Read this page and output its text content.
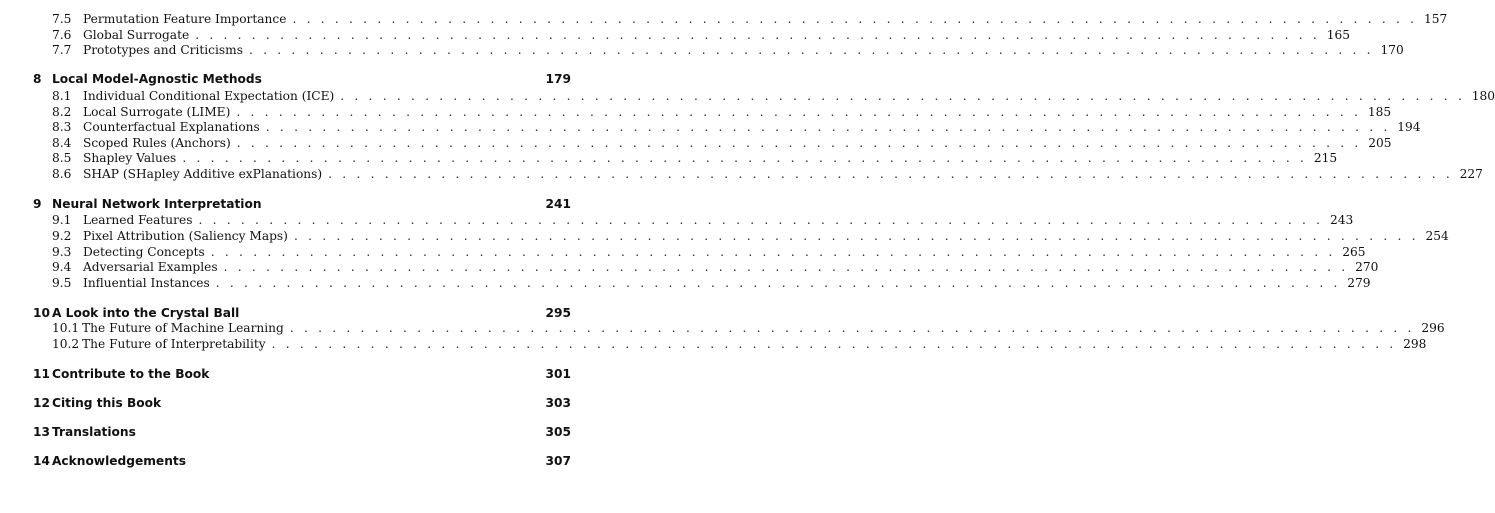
7.5 Permutation Feature Importance . . . . . . . . . . . . . . . . . . . . . . . . . . . . . . . . . . . . . . . . . . . . . . . . . . . . . . . . . . . . . . . . . . . . . . . . . . . . . . . . 157
7.6 Global Surrogate . . . . . . . . . . . . . . . . . . . . . . . . . . . . . . . . . . . . . . . . . . . . . . . . . . . . . . . . . . . . . . . . . . . . . . . . . . . . . . . . 165
7.7 Prototypes and Criticisms . . . . . . . . . . . . . . . . . . . . . . . . . . . . . . . . . . . . . . . . . . . . . . . . . . . . . . . . . . . . . . . . . . . . . . . . . . . . . . . . 170
8 Local Model-Agnostic Methods	179
8.1 Individual Conditional Expectation (ICE) . . . . . . . . . . . . . . . . . . . . . . . . . . . . . . . . . . . . . . . . . . . . . . . . . . . . . . . . . . . . . . . . . . . . . . . . . . . . . . . . 180
8.2 Local Surrogate (LIME) . . . . . . . . . . . . . . . . . . . . . . . . . . . . . . . . . . . . . . . . . . . . . . . . . . . . . . . . . . . . . . . . . . . . . . . . . . . . . . . . 185
8.3 Counterfactual Explanations . . . . . . . . . . . . . . . . . . . . . . . . . . . . . . . . . . . . . . . . . . . . . . . . . . . . . . . . . . . . . . . . . . . . . . . . . . . . . . . . 194
8.4 Scoped Rules (Anchors) . . . . . . . . . . . . . . . . . . . . . . . . . . . . . . . . . . . . . . . . . . . . . . . . . . . . . . . . . . . . . . . . . . . . . . . . . . . . . . . . 205
8.5 Shapley Values . . . . . . . . . . . . . . . . . . . . . . . . . . . . . . . . . . . . . . . . . . . . . . . . . . . . . . . . . . . . . . . . . . . . . . . . . . . . . . . . 215
8.6 SHAP (SHapley Additive exPlanations) . . . . . . . . . . . . . . . . . . . . . . . . . . . . . . . . . . . . . . . . . . . . . . . . . . . . . . . . . . . . . . . . . . . . . . . . . . . . . . . . 227
9 Neural Network Interpretation	241
9.1 Learned Features . . . . . . . . . . . . . . . . . . . . . . . . . . . . . . . . . . . . . . . . . . . . . . . . . . . . . . . . . . . . . . . . . . . . . . . . . . . . . . . . 243
9.2 Pixel Attribution (Saliency Maps) . . . . . . . . . . . . . . . . . . . . . . . . . . . . . . . . . . . . . . . . . . . . . . . . . . . . . . . . . . . . . . . . . . . . . . . . . . . . . . . . 254
9.3 Detecting Concepts . . . . . . . . . . . . . . . . . . . . . . . . . . . . . . . . . . . . . . . . . . . . . . . . . . . . . . . . . . . . . . . . . . . . . . . . . . . . . . . . 265
9.4 Adversarial Examples . . . . . . . . . . . . . . . . . . . . . . . . . . . . . . . . . . . . . . . . . . . . . . . . . . . . . . . . . . . . . . . . . . . . . . . . . . . . . . . . 270
9.5 Influential Instances . . . . . . . . . . . . . . . . . . . . . . . . . . . . . . . . . . . . . . . . . . . . . . . . . . . . . . . . . . . . . . . . . . . . . . . . . . . . . . . . 279
10 A Look into the Crystal Ball	295
10.1 The Future of Machine Learning . . . . . . . . . . . . . . . . . . . . . . . . . . . . . . . . . . . . . . . . . . . . . . . . . . . . . . . . . . . . . . . . . . . . . . . . . . . . . . . . 296
10.2 The Future of Interpretability . . . . . . . . . . . . . . . . . . . . . . . . . . . . . . . . . . . . . . . . . . . . . . . . . . . . . . . . . . . . . . . . . . . . . . . . . . . . . . . . 298
11 Contribute to the Book	301
12 Citing this Book	303
13 Translations	305
14 Acknowledgements	307
